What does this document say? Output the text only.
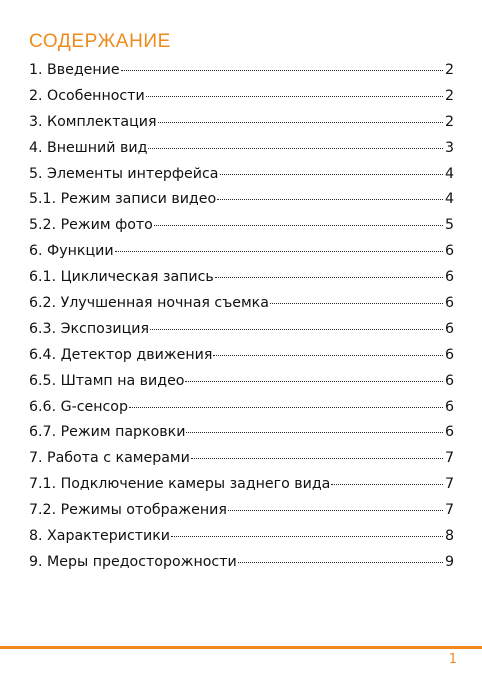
СОДЕРЖАНИЕ
1. Введение	2
2. Особенности	2
3. Комплектация	2
4. Внешний вид	3
5. Элементы интерфейса	4
5.1. Режим записи видео	4
5.2. Режим фото	5
6. Функции	6
6.1. Циклическая запись	6
6.2. Улучшенная ночная съемка	6
6.3. Экспозиция	6
6.4. Детектор движения	6
6.5. Штамп на видео	6
6.6. G-сенсор	6
6.7. Режим парковки	6
7. Работа с камерами	7
7.1. Подключение камеры заднего вида	7
7.2. Режимы отображения	7
8. Характеристики	8
9. Меры предосторожности	9
1
